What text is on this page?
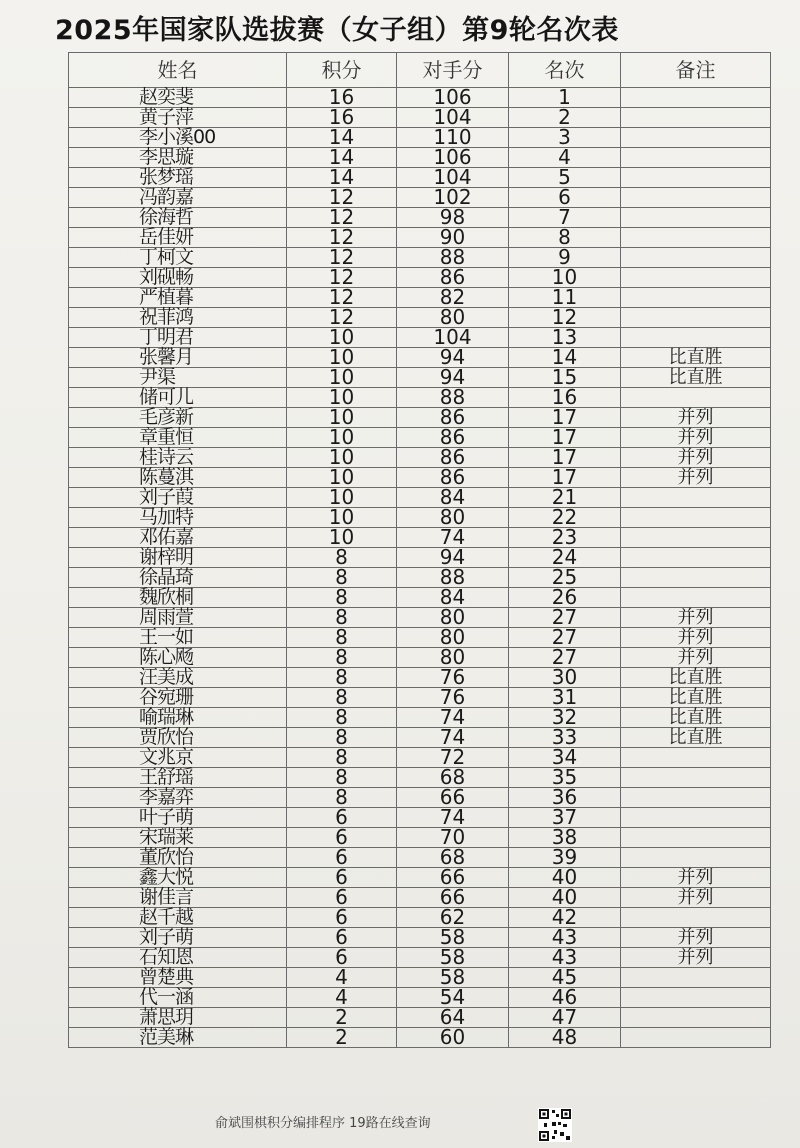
2025年国家队选拔赛（女子组）第9轮名次表
姓名	积分	对手分	名次	备注
赵奕斐	16	106	1	
黄子萍	16	104	2	
李小溪00	14	110	3	
李思璇	14	106	4	
张梦瑶	14	104	5	
冯韵嘉	12	102	6	
徐海哲	12	98	7	
岳佳妍	12	90	8	
丁柯文	12	88	9	
刘砚畅	12	86	10	
严植暮	12	82	11	
祝菲鸿	12	80	12	
丁明君	10	104	13	
张馨月	10	94	14	比直胜
尹渠	10	94	15	比直胜
储可儿	10	88	16	
毛彦新	10	86	17	并列
章重恒	10	86	17	并列
桂诗云	10	86	17	并列
陈蔓淇	10	86	17	并列
刘子葭	10	84	21	
马加特	10	80	22	
邓佑嘉	10	74	23	
谢梓明	8	94	24	
徐晶琦	8	88	25	
魏欣桐	8	84	26	
周雨萱	8	80	27	并列
王一如	8	80	27	并列
陈心飏	8	80	27	并列
汪美成	8	76	30	比直胜
谷宛珊	8	76	31	比直胜
喻瑞琳	8	74	32	比直胜
贾欣怡	8	74	33	比直胜
文兆京	8	72	34	
王舒瑶	8	68	35	
李嘉弈	8	66	36	
叶子萌	6	74	37	
宋瑞莱	6	70	38	
董欣怡	6	68	39	
鑫大悦	6	66	40	并列
谢佳言	6	66	40	并列
赵千越	6	62	42	
刘子萌	6	58	43	并列
石知恩	6	58	43	并列
曾楚典	4	58	45	
代一涵	4	54	46	
萧思玥	2	64	47	
范美琳	2	60	48	
俞斌围棋积分编排程序 19路在线查询
